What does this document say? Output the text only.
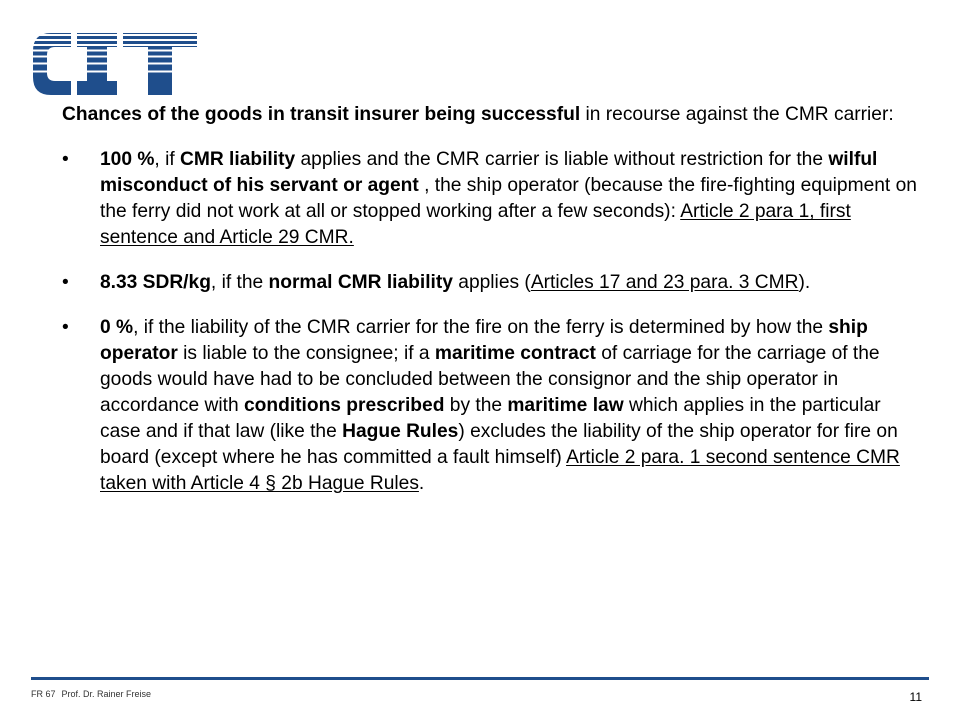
Chances of the goods in transit insurer being successful in recourse against the CMR carrier:

• 100 %, if CMR liability applies and the CMR carrier is liable without restriction for the wilful misconduct of his servant or agent , the ship operator (because the fire-fighting equipment on the ferry did not work at all or stopped working after a few seconds): Article 2 para 1, first sentence and Article 29 CMR.
• 8.33 SDR/kg, if the normal CMR liability applies (Articles 17 and 23 para. 3 CMR).
• 0 %, if the liability of the CMR carrier for the fire on the ferry is determined by how the ship operator is liable to the consignee; if a maritime contract of carriage for the carriage of the goods would have had to be concluded between the consignor and the ship operator in accordance with conditions prescribed by the maritime law which applies in the particular case and if that law (like the Hague Rules) excludes the liability of the ship operator for fire on board (except where he has committed a fault himself) Article 2 para. 1 second sentence CMR taken with Article 4 § 2b Hague Rules.
FR 67 Prof. Dr. Rainer Freise	11
